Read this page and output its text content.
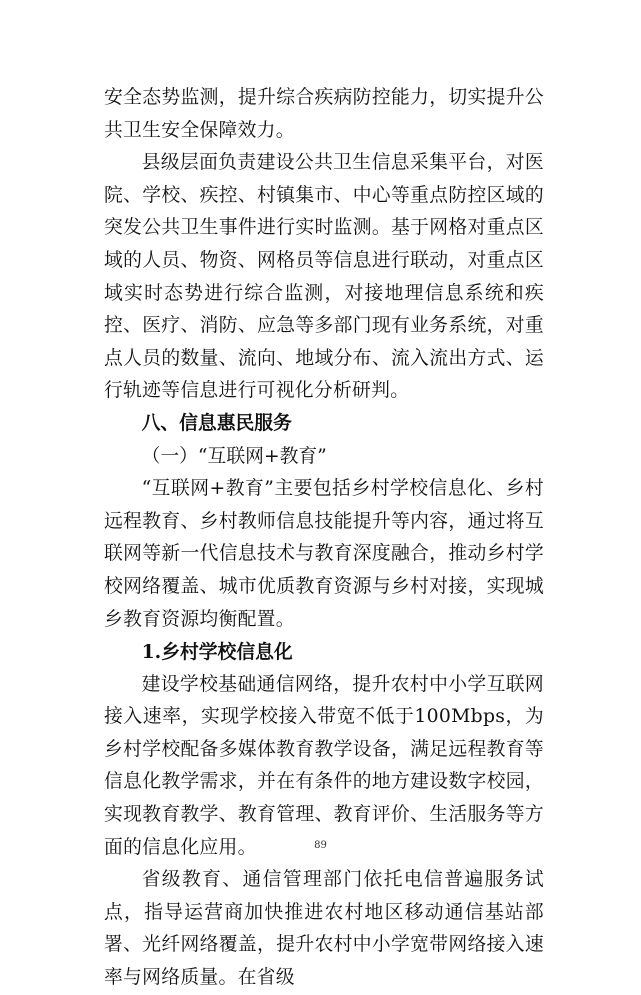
安全态势监测，提升综合疾病防控能力，切实提升公共卫生安全保障效力。

县级层面负责建设公共卫生信息采集平台，对医院、学校、疾控、村镇集市、中心等重点防控区域的突发公共卫生事件进行实时监测。基于网格对重点区域的人员、物资、网格员等信息进行联动，对重点区域实时态势进行综合监测，对接地理信息系统和疾控、医疗、消防、应急等多部门现有业务系统，对重点人员的数量、流向、地域分布、流入流出方式、运行轨迹等信息进行可视化分析研判。

八、信息惠民服务

（一）“互联网+教育”

“互联网+教育”主要包括乡村学校信息化、乡村远程教育、乡村教师信息技能提升等内容，通过将互联网等新一代信息技术与教育深度融合，推动乡村学校网络覆盖、城市优质教育资源与乡村对接，实现城乡教育资源均衡配置。

1.乡村学校信息化

建设学校基础通信网络，提升农村中小学互联网接入速率，实现学校接入带宽不低于100Mbps，为乡村学校配备多媒体教育教学设备，满足远程教育等信息化教学需求，并在有条件的地方建设数字校园，实现教育教学、教育管理、教育评价、生活服务等方面的信息化应用。

省级教育、通信管理部门依托电信普遍服务试点，指导运营商加快推进农村地区移动通信基站部署、光纤网络覆盖，提升农村中小学宽带网络接入速率与网络质量。在省级

89
